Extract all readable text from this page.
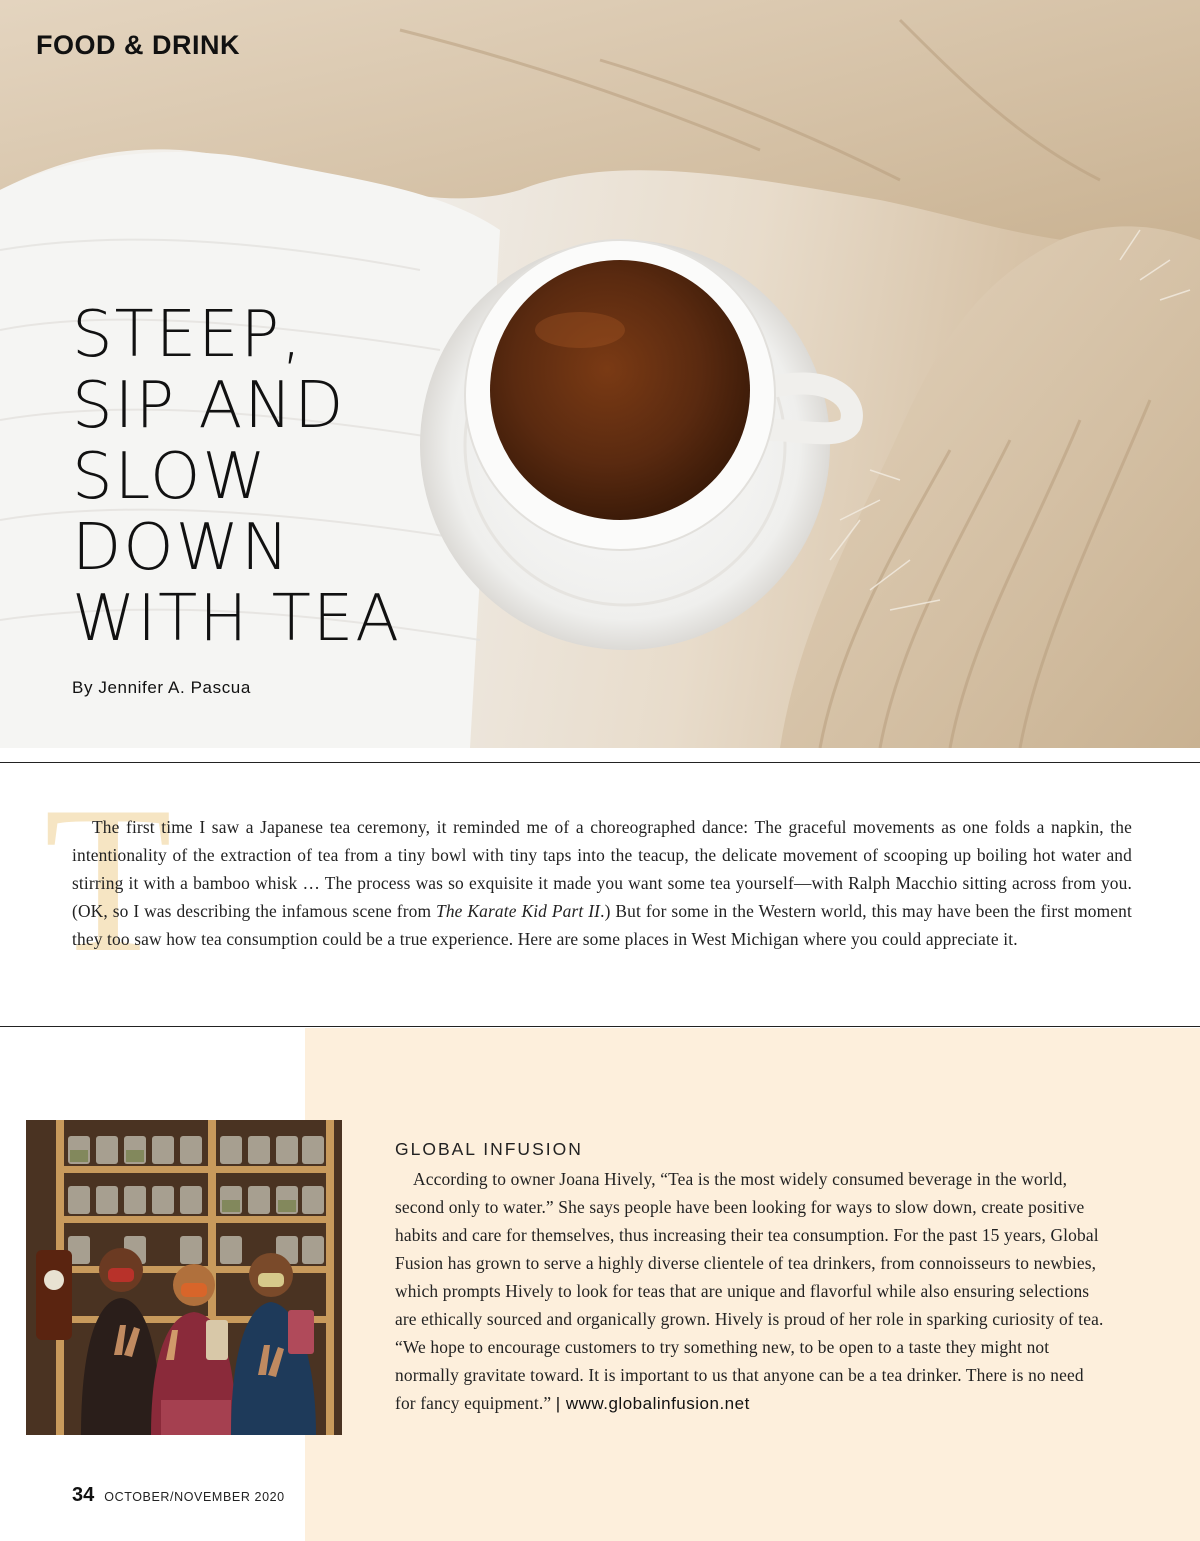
FOOD & DRINK
STEEP,
SIP AND
SLOW
DOWN
WITH TEA
By Jennifer A. Pascua
T

The first time I saw a Japanese tea ceremony, it reminded me of a choreographed dance: The graceful movements as one folds a napkin, the intentionality of the extraction of tea from a tiny bowl with tiny taps into the teacup, the delicate movement of scooping up boiling hot water and stirring it with a bamboo whisk … The process was so exquisite it made you want some tea yourself—with Ralph Macchio sitting across from you. (OK, so I was describing the infamous scene from The Karate Kid Part II.) But for some in the Western world, this may have been the first moment they too saw how tea consumption could be a true experience. Here are some places in West Michigan where you could appreciate it.

GLOBAL INFUSION

According to owner Joana Hively, “Tea is the most widely consumed beverage in the world, second only to water.” She says people have been looking for ways to slow down, create positive habits and care for themselves, thus increasing their tea consumption. For the past 15 years, Global Fusion has grown to serve a highly diverse clientele of tea drinkers, from connoisseurs to newbies, which prompts Hively to look for teas that are unique and flavorful while also ensuring selections are ethically sourced and organically grown. Hively is proud of her role in sparking curiosity of tea. “We hope to encourage customers to try something new, to be open to a taste they might not normally gravitate toward. It is important to us that anyone can be a tea drinker. There is no need for fancy equipment.” | www.globalinfusion.net

34 OCTOBER/NOVEMBER 2020
